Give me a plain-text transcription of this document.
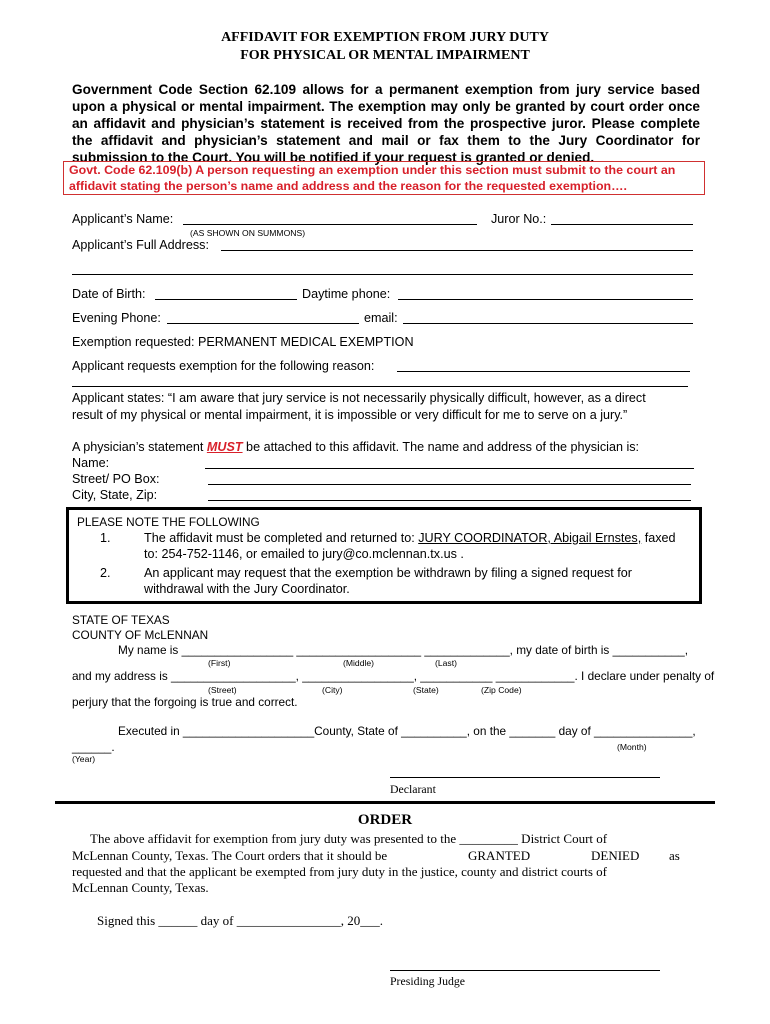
AFFIDAVIT FOR EXEMPTION FROM JURY DUTY
FOR PHYSICAL OR MENTAL IMPAIRMENT
Government Code Section 62.109 allows for a permanent exemption from jury service based upon a physical or mental impairment. The exemption may only be granted by court order once an affidavit and physician’s statement is received from the prospective juror. Please complete the affidavit and physician’s statement and mail or fax them to the Jury Coordinator for submission to the Court. You will be notified if your request is granted or denied.
Govt. Code 62.109(b) A person requesting an exemption under this section must submit to the court an
affidavit stating the person’s name and address and the reason for the requested exemption….
Applicant’s Name:	Juror No.:
(AS SHOWN ON SUMMONS)
Applicant’s Full Address:
Date of Birth:	Daytime phone:
Evening Phone:	email:
Exemption requested: PERMANENT MEDICAL EXEMPTION
Applicant requests exemption for the following reason:
Applicant states: “I am aware that jury service is not necessarily physically difficult, however, as a direct
result of my physical or mental impairment, it is impossible or very difficult for me to serve on a jury.”
A physician’s statement MUST be attached to this affidavit. The name and address of the physician is:
Name:
Street/ PO Box:
City, State, Zip:
PLEASE NOTE THE FOLLOWING
1.	The affidavit must be completed and returned to: JURY COORDINATOR, Abigail Ernstes, faxed
to: 254-752-1146, or emailed to jury@co.mclennan.tx.us .
2.	An applicant may request that the exemption be withdrawn by filing a signed request for
withdrawal with the Jury Coordinator.
STATE OF TEXAS
COUNTY OF McLENNAN
My name is _________________ ___________________ _____________, my date of birth is ___________,
(First)	(Middle)	(Last)
and my address is ___________________, _________________, ___________ ____________. I declare under penalty of
(Street)	(City)	(State)	(Zip Code)
perjury that the forgoing is true and correct.
Executed in ____________________County, State of __________, on the _______ day of _______________,
______.	(Month)
(Year)
Declarant
ORDER
The above affidavit for exemption from jury duty was presented to the _________ District Court of
McLennan County, Texas. The Court orders that it should be	GRANTED	DENIED as
requested and that the applicant be exempted from jury duty in the justice, county and district courts of
McLennan County, Texas.
Signed this ______ day of ________________, 20___.
Presiding Judge
